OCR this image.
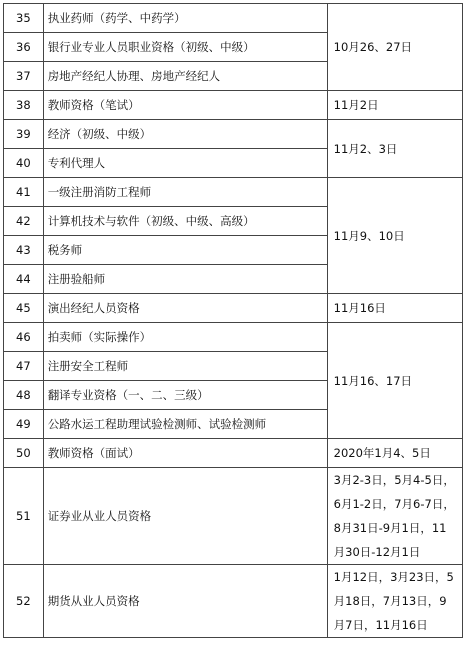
35	执业药师（药学、中药学）	10月26、27日
36	银行业专业人员职业资格（初级、中级）	
37	房地产经纪人协理、房地产经纪人	
38	教师资格（笔试）	11月2日
39	经济（初级、中级）	11月2、3日
40	专利代理人	
41	一级注册消防工程师	11月9、10日
42	计算机技术与软件（初级、中级、高级）	
43	税务师	
44	注册验船师	
45	演出经纪人员资格	11月16日
46	拍卖师（实际操作）	11月16、17日
47	注册安全工程师	
48	翻译专业资格（一、二、三级）	
49	公路水运工程助理试验检测师、试验检测师	
50	教师资格（面试）	2020年1月4、5日
51	证券业从业人员资格	3月2-3日，5月4-5日，6月1-2日，7月6-7日，8月31日-9月1日，11月30日-12月1日
52	期货从业人员资格	1月12日，3月23日，5月18日，7月13日，9月7日，11月16日
